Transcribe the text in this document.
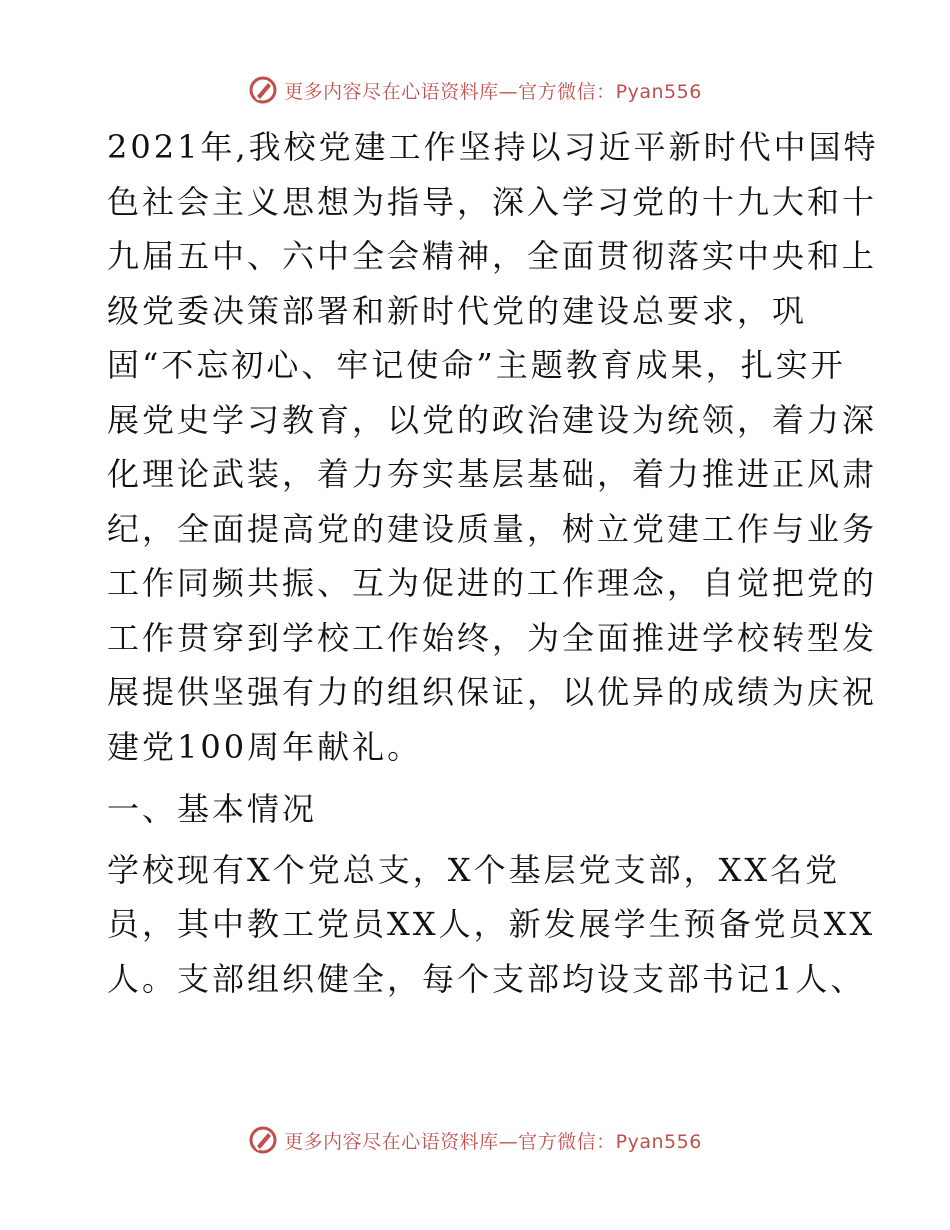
更多内容尽在心语资料库—官方微信：Pyan556

2021年,我校党建工作坚持以习近平新时代中国特
色社会主义思想为指导，深入学习党的十九大和十
九届五中、六中全会精神，全面贯彻落实中央和上
级党委决策部署和新时代党的建设总要求，巩
固“不忘初心、牢记使命”主题教育成果，扎实开
展党史学习教育，以党的政治建设为统领，着力深
化理论武装，着力夯实基层基础，着力推进正风肃
纪，全面提高党的建设质量，树立党建工作与业务
工作同频共振、互为促进的工作理念，自觉把党的
工作贯穿到学校工作始终，为全面推进学校转型发
展提供坚强有力的组织保证，以优异的成绩为庆祝
建党100周年献礼。

一、基本情况

学校现有X个党总支，X个基层党支部，XX名党
员，其中教工党员XX人，新发展学生预备党员XX
人。支部组织健全，每个支部均设支部书记1人、

更多内容尽在心语资料库—官方微信：Pyan556
